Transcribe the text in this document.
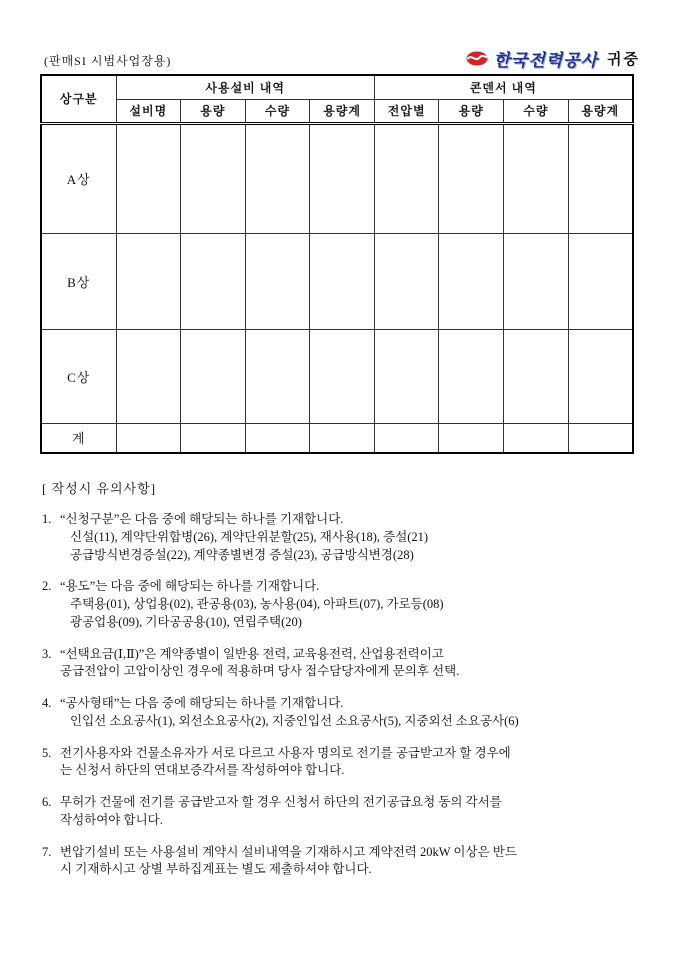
(판매SI 시범사업장용)	한국전력공사 귀중
상구분	사용설비 내역				콘덴서 내역			
	설비명	용량	수량	용량계	전압별	용량	수량	용량계
A상								
B상								
C상								
계								
[ 작성시 유의사항]
1. “신청구분”은 다음 중에 해당되는 하나를 기재합니다.
신설(11), 계약단위합병(26), 계약단위분할(25), 재사용(18), 증설(21)
공급방식변경증설(22), 계약종별변경 증설(23), 공급방식변경(28)
2. “용도”는 다음 중에 해당되는 하나를 기재합니다.
주택용(01), 상업용(02), 관공용(03), 농사용(04), 아파트(07), 가로등(08)
광공업용(09), 기타공공용(10), 연립주택(20)
3. “선택요금(Ⅰ,Ⅱ)”은 계약종별이 일반용 전력, 교육용전력, 산업용전력이고
공급전압이 고압이상인 경우에 적용하며 당사 접수담당자에게 문의후 선택.
4. “공사형태”는 다음 중에 해당되는 하나를 기재합니다.
인입선 소요공사(1), 외선소요공사(2), 지중인입선 소요공사(5), 지중외선 소요공사(6)
5. 전기사용자와 건물소유자가 서로 다르고 사용자 명의로 전기를 공급받고자 할 경우에
는 신청서 하단의 연대보증각서를 작성하여야 합니다.
6. 무허가 건물에 전기를 공급받고자 할 경우 신청서 하단의 전기공급요청 동의 각서를
작성하여야 합니다.
7. 변압기설비 또는 사용설비 계약시 설비내역을 기재하시고 계약전력 20kW 이상은 반드
시 기재하시고 상별 부하집계표는 별도 제출하셔야 합니다.
